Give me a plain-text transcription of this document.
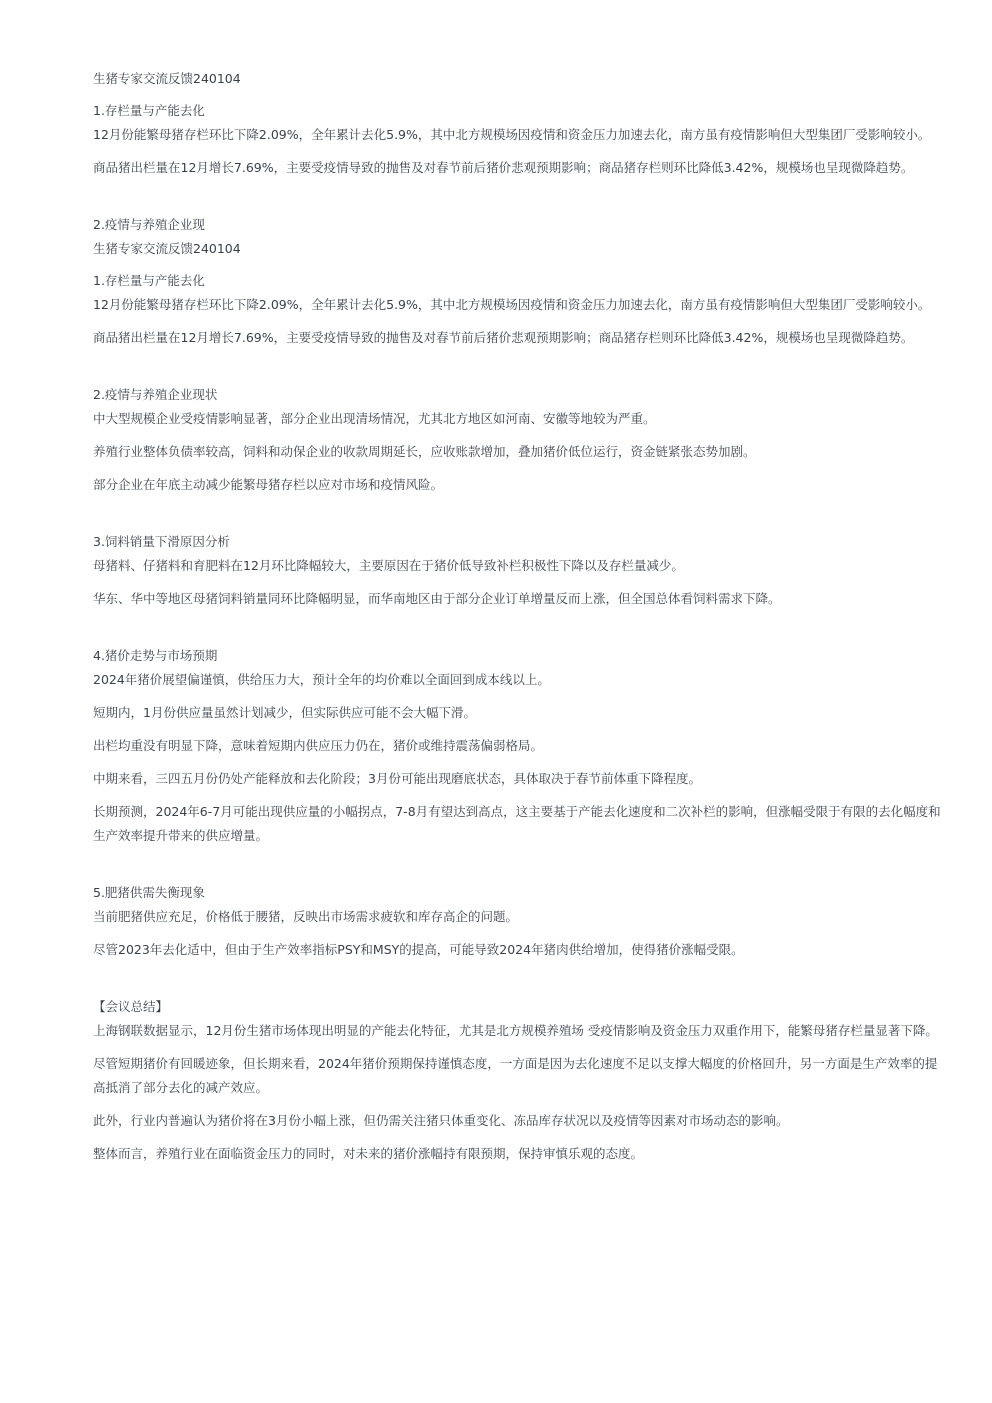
生猪专家交流反馈240104

1.存栏量与产能去化

12月份能繁母猪存栏环比下降2.09%，全年累计去化5.9%，其中北方规模场因疫情和资金压力加速去化，南方虽有疫情影响但大型集团厂受影响较小。

商品猪出栏量在12月增长7.69%，主要受疫情导致的抛售及对春节前后猪价悲观预期影响；商品猪存栏则环比降低3.42%，规模场也呈现微降趋势。

2.疫情与养殖企业现

生猪专家交流反馈240104

1.存栏量与产能去化

12月份能繁母猪存栏环比下降2.09%，全年累计去化5.9%，其中北方规模场因疫情和资金压力加速去化，南方虽有疫情影响但大型集团厂受影响较小。

商品猪出栏量在12月增长7.69%，主要受疫情导致的抛售及对春节前后猪价悲观预期影响；商品猪存栏则环比降低3.42%，规模场也呈现微降趋势。

2.疫情与养殖企业现状

中大型规模企业受疫情影响显著，部分企业出现清场情况，尤其北方地区如河南、安徽等地较为严重。

养殖行业整体负债率较高，饲料和动保企业的收款周期延长，应收账款增加，叠加猪价低位运行，资金链紧张态势加剧。

部分企业在年底主动减少能繁母猪存栏以应对市场和疫情风险。

3.饲料销量下滑原因分析

母猪料、仔猪料和育肥料在12月环比降幅较大，主要原因在于猪价低导致补栏积极性下降以及存栏量减少。

华东、华中等地区母猪饲料销量同环比降幅明显，而华南地区由于部分企业订单增量反而上涨，但全国总体看饲料需求下降。

4.猪价走势与市场预期

2024年猪价展望偏谨慎，供给压力大，预计全年的均价难以全面回到成本线以上。

短期内，1月份供应量虽然计划减少，但实际供应可能不会大幅下滑。

出栏均重没有明显下降，意味着短期内供应压力仍在，猪价或维持震荡偏弱格局。

中期来看，三四五月份仍处产能释放和去化阶段；3月份可能出现磨底状态，具体取决于春节前体重下降程度。

长期预测，2024年6-7月可能出现供应量的小幅拐点，7-8月有望达到高点，这主要基于产能去化速度和二次补栏的影响，但涨幅受限于有限的去化幅度和生产效率提升带来的供应增量。

5.肥猪供需失衡现象

当前肥猪供应充足，价格低于腰猪，反映出市场需求疲软和库存高企的问题。

尽管2023年去化适中，但由于生产效率指标PSY和MSY的提高，可能导致2024年猪肉供给增加，使得猪价涨幅受限。

【会议总结】

上海钢联数据显示，12月份生猪市场体现出明显的产能去化特征，尤其是北方规模养殖场 受疫情影响及资金压力双重作用下，能繁母猪存栏量显著下降。

尽管短期猪价有回暖迹象，但长期来看，2024年猪价预期保持谨慎态度，一方面是因为去化速度不足以支撑大幅度的价格回升，另一方面是生产效率的提高抵消了部分去化的减产效应。

此外，行业内普遍认为猪价将在3月份小幅上涨，但仍需关注猪只体重变化、冻品库存状况以及疫情等因素对市场动态的影响。

整体而言，养殖行业在面临资金压力的同时，对未来的猪价涨幅持有限预期，保持审慎乐观的态度。
